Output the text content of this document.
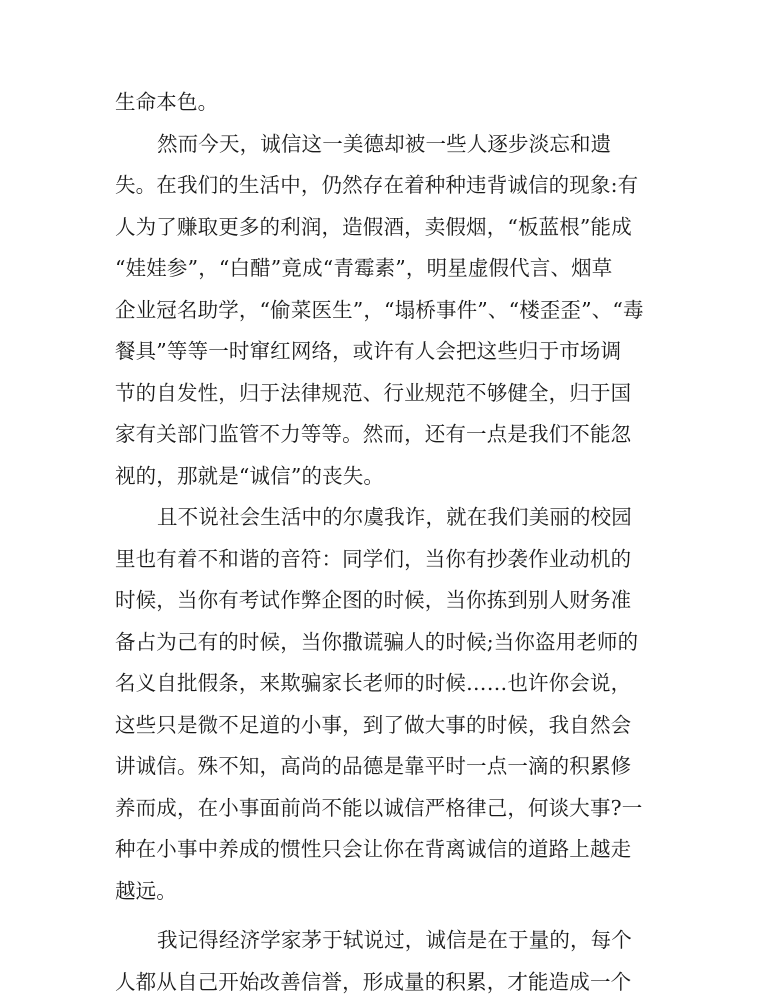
生命本色。
然而今天，诚信这一美德却被一些人逐步淡忘和遗
失。在我们的生活中，仍然存在着种种违背诚信的现象:有
人为了赚取更多的利润，造假酒，卖假烟，“板蓝根”能成
“娃娃参”，“白醋”竟成“青霉素”，明星虚假代言、烟草
企业冠名助学，“偷菜医生”，“塌桥事件”、“楼歪歪”、“毒
餐具”等等一时窜红网络，或许有人会把这些归于市场调
节的自发性，归于法律规范、行业规范不够健全，归于国
家有关部门监管不力等等。然而，还有一点是我们不能忽
视的，那就是“诚信”的丧失。
且不说社会生活中的尔虞我诈，就在我们美丽的校园
里也有着不和谐的音符：同学们，当你有抄袭作业动机的
时候，当你有考试作弊企图的时候，当你拣到别人财务准
备占为己有的时候，当你撒谎骗人的时候;当你盗用老师的
名义自批假条，来欺骗家长老师的时候……也许你会说，
这些只是微不足道的小事，到了做大事的时候，我自然会
讲诚信。殊不知，高尚的品德是靠平时一点一滴的积累修
养而成，在小事面前尚不能以诚信严格律己，何谈大事?一
种在小事中养成的惯性只会让你在背离诚信的道路上越走
越远。
我记得经济学家茅于轼说过，诚信是在于量的，每个
人都从自己开始改善信誉，形成量的积累，才能造成一个
